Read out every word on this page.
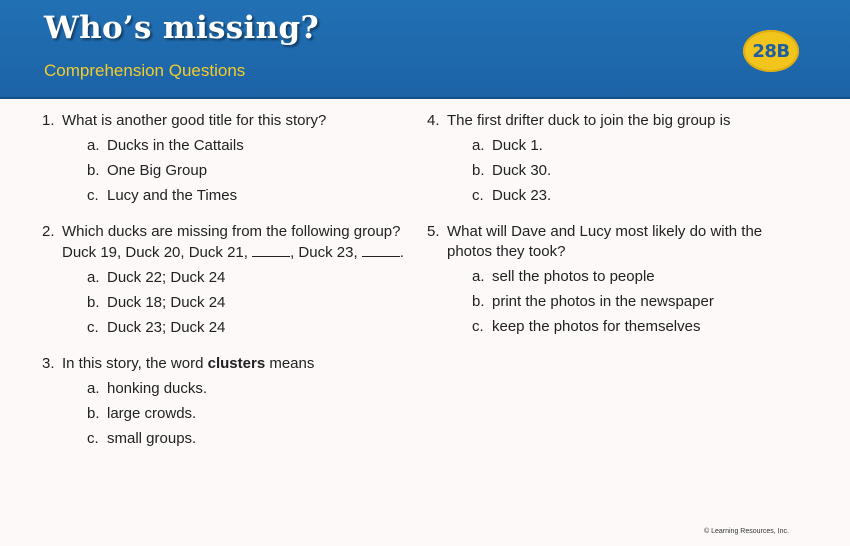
Who’s missing?
Comprehension Questions
28B
1. What is another good title for this story?
a. Ducks in the Cattails
b. One Big Group
c. Lucy and the Times
2. Which ducks are missing from the following group? Duck 19, Duck 20, Duck 21,	, Duck 23,	.
a. Duck 22; Duck 24
b. Duck 18; Duck 24
c. Duck 23; Duck 24
3. In this story, the word clusters means
a. honking ducks.
b. large crowds.
c. small groups.
4. The first drifter duck to join the big group is
a. Duck 1.
b. Duck 30.
c. Duck 23.
5. What will Dave and Lucy most likely do with the photos they took?
a. sell the photos to people
b. print the photos in the newspaper
c. keep the photos for themselves
© Learning Resources, Inc.
